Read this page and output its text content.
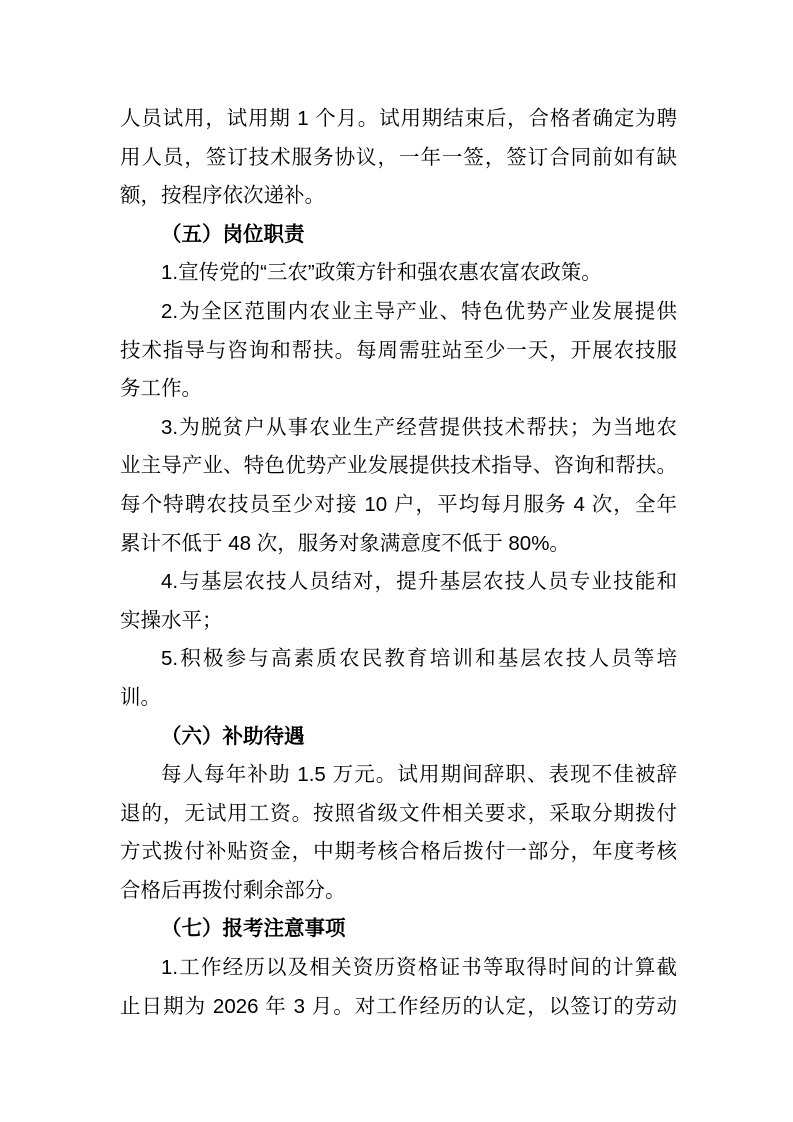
人员试用，试用期 1 个月。试用期结束后，合格者确定为聘
用人员，签订技术服务协议，一年一签，签订合同前如有缺
额，按程序依次递补。
（五）岗位职责
1.宣传党的“三农”政策方针和强农惠农富农政策。
2.为全区范围内农业主导产业、特色优势产业发展提供
技术指导与咨询和帮扶。每周需驻站至少一天，开展农技服
务工作。
3.为脱贫户从事农业生产经营提供技术帮扶；为当地农
业主导产业、特色优势产业发展提供技术指导、咨询和帮扶。
每个特聘农技员至少对接 10 户，平均每月服务 4 次，全年
累计不低于 48 次，服务对象满意度不低于 80%。
4.与基层农技人员结对，提升基层农技人员专业技能和
实操水平；
5.积极参与高素质农民教育培训和基层农技人员等培
训。
（六）补助待遇
每人每年补助 1.5 万元。试用期间辞职、表现不佳被辞
退的，无试用工资。按照省级文件相关要求，采取分期拨付
方式拨付补贴资金，中期考核合格后拨付一部分，年度考核
合格后再拨付剩余部分。
（七）报考注意事项
1.工作经历以及相关资历资格证书等取得时间的计算截
止日期为 2026 年 3 月。对工作经历的认定，以签订的劳动
